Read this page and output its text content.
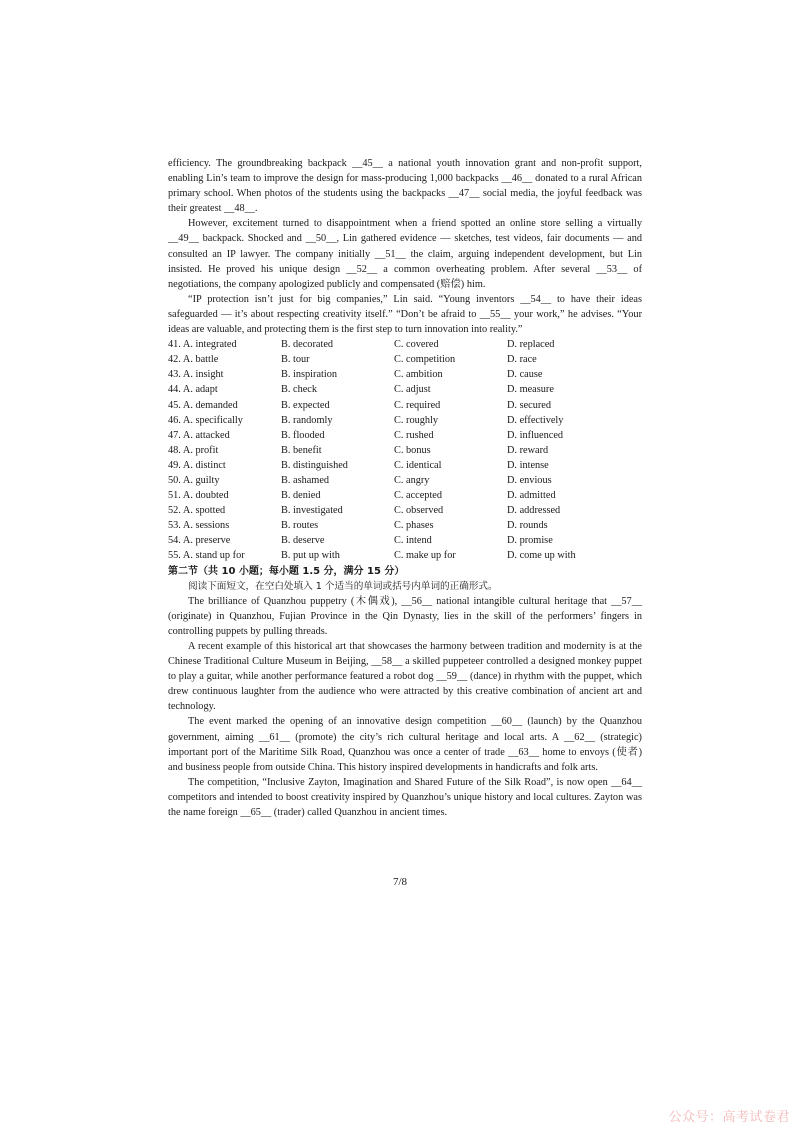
efficiency. The groundbreaking backpack __45__ a national youth innovation grant and non-profit support, enabling Lin’s team to improve the design for mass-producing 1,000 backpacks __46__ donated to a rural African primary school. When photos of the students using the backpacks __47__ social media, the joyful feedback was their greatest __48__.

However, excitement turned to disappointment when a friend spotted an online store selling a virtually __49__ backpack. Shocked and __50__, Lin gathered evidence — sketches, test videos, fair documents — and consulted an IP lawyer. The company initially __51__ the claim, arguing independent development, but Lin insisted. He proved his unique design __52__ a common overheating problem. After several __53__ of negotiations, the company apologized publicly and compensated (赔偿) him.

“IP protection isn’t just for big companies,” Lin said. “Young inventors __54__ to have their ideas safeguarded — it’s about respecting creativity itself.” “Don’t be afraid to __55__ your work,” he advises. “Your ideas are valuable, and protecting them is the first step to turn innovation into reality.”

41. A. integrated	B. decorated	C. covered	D. replaced
42. A. battle	B. tour	C. competition	D. race
43. A. insight	B. inspiration	C. ambition	D. cause
44. A. adapt	B. check	C. adjust	D. measure
45. A. demanded	B. expected	C. required	D. secured
46. A. specifically	B. randomly	C. roughly	D. effectively
47. A. attacked	B. flooded	C. rushed	D. influenced
48. A. profit	B. benefit	C. bonus	D. reward
49. A. distinct	B. distinguished	C. identical	D. intense
50. A. guilty	B. ashamed	C. angry	D. envious
51. A. doubted	B. denied	C. accepted	D. admitted
52. A. spotted	B. investigated	C. observed	D. addressed
53. A. sessions	B. routes	C. phases	D. rounds
54. A. preserve	B. deserve	C. intend	D. promise
55. A. stand up for	B. put up with	C. make up for	D. come up with

第二节（共 10 小题；每小题 1.5 分，满分 15 分）

阅读下面短文，在空白处填入 1 个适当的单词或括号内单词的正确形式。

The brilliance of Quanzhou puppetry (木偶戏), __56__ national intangible cultural heritage that __57__ (originate) in Quanzhou, Fujian Province in the Qin Dynasty, lies in the skill of the performers’ fingers in controlling puppets by pulling threads.

A recent example of this historical art that showcases the harmony between tradition and modernity is at the Chinese Traditional Culture Museum in Beijing, __58__ a skilled puppeteer controlled a designed monkey puppet to play a guitar, while another performance featured a robot dog __59__ (dance) in rhythm with the puppet, which drew continuous laughter from the audience who were attracted by this creative combination of ancient art and technology.

The event marked the opening of an innovative design competition __60__ (launch) by the Quanzhou government, aiming __61__ (promote) the city’s rich cultural heritage and local arts. A __62__ (strategic) important port of the Maritime Silk Road, Quanzhou was once a center of trade __63__ home to envoys (使者) and business people from outside China. This history inspired developments in handicrafts and folk arts.

The competition, “Inclusive Zayton, Imagination and Shared Future of the Silk Road”, is now open __64__ competitors and intended to boost creativity inspired by Quanzhou’s unique history and local cultures. Zayton was the name foreign __65__ (trader) called Quanzhou in ancient times.

7/8
公众号：高考试卷君
